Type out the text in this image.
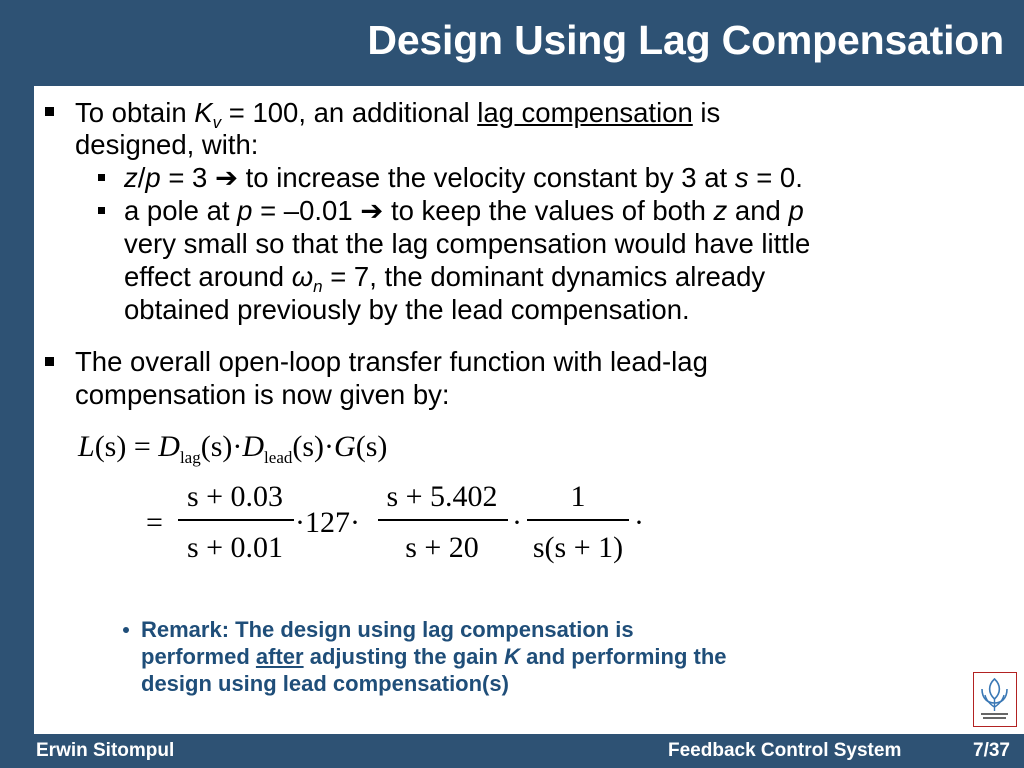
Design Using Lag Compensation
To obtain $K_v = 100$, an additional lag compensation is
designed, with:
z/p = 3 ➔ to increase the velocity constant by 3 at s = 0.
a pole at p = –0.01 ➔ to keep the values of both z and p
very small so that the lag compensation would have little
effect around $\omega_n = 7$, the dominant dynamics already
obtained previously by the lead compensation.
The overall open-loop transfer function with lead-lag
compensation is now given by:
$L(s) = D_{lag}(s)\cdot D_{lead}(s)\cdot G(s)$
=
s + 0.03
s + 0.01
·127·
s + 5.402
s + 20
·
1
s(s + 1)
·
Remark: The design using lag compensation is
performed after adjusting the gain K and performing the
design using lead compensation(s)
Erwin Sitompul	Feedback Control System	7/37
